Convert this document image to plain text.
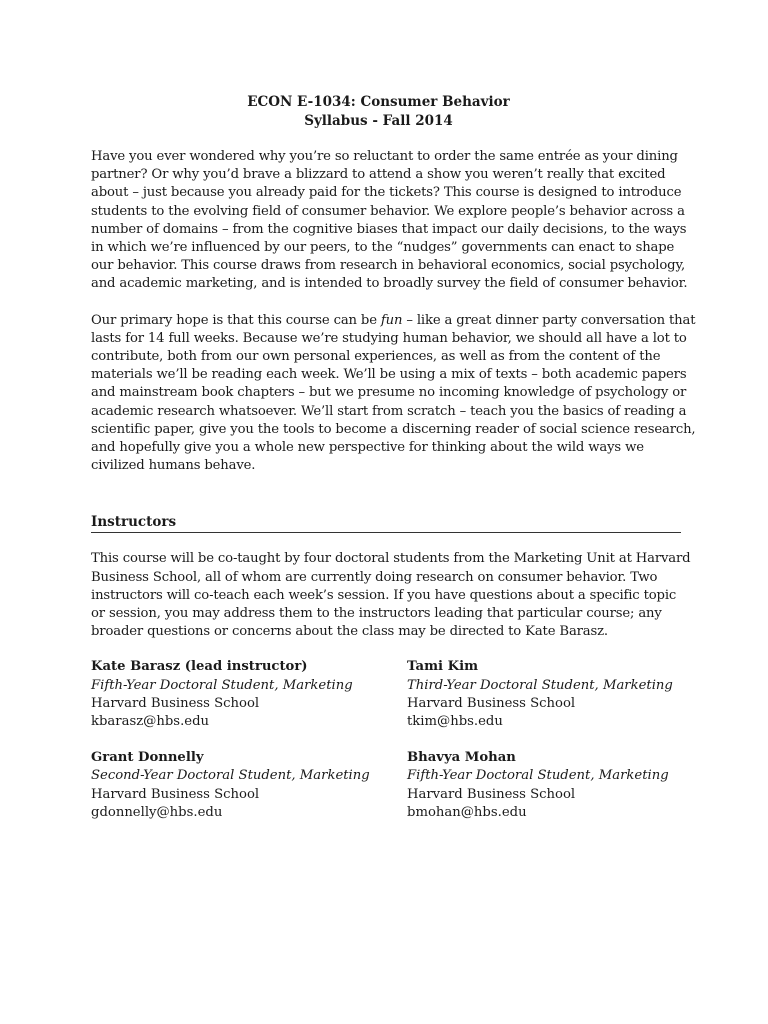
ECON E-1034: Consumer Behavior
Syllabus - Fall 2014

Have you ever wondered why you’re so reluctant to order the same entrée as your dining
partner? Or why you’d brave a blizzard to attend a show you weren’t really that excited
about – just because you already paid for the tickets? This course is designed to introduce
students to the evolving field of consumer behavior. We explore people’s behavior across a
number of domains – from the cognitive biases that impact our daily decisions, to the ways
in which we’re influenced by our peers, to the “nudges” governments can enact to shape
our behavior. This course draws from research in behavioral economics, social psychology,
and academic marketing, and is intended to broadly survey the field of consumer behavior.

Our primary hope is that this course can be fun – like a great dinner party conversation that
lasts for 14 full weeks. Because we’re studying human behavior, we should all have a lot to
contribute, both from our own personal experiences, as well as from the content of the
materials we’ll be reading each week. We’ll be using a mix of texts – both academic papers
and mainstream book chapters – but we presume no incoming knowledge of psychology or
academic research whatsoever. We’ll start from scratch – teach you the basics of reading a
scientific paper, give you the tools to become a discerning reader of social science research,
and hopefully give you a whole new perspective for thinking about the wild ways we
civilized humans behave.

Instructors

This course will be co-taught by four doctoral students from the Marketing Unit at Harvard
Business School, all of whom are currently doing research on consumer behavior. Two
instructors will co-teach each week’s session. If you have questions about a specific topic
or session, you may address them to the instructors leading that particular course; any
broader questions or concerns about the class may be directed to Kate Barasz.

Kate Barasz (lead instructor)
Fifth-Year Doctoral Student, Marketing
Harvard Business School
kbarasz@hbs.edu
Tami Kim
Third-Year Doctoral Student, Marketing
Harvard Business School
tkim@hbs.edu
Grant Donnelly
Second-Year Doctoral Student, Marketing
Harvard Business School
gdonnelly@hbs.edu
Bhavya Mohan
Fifth-Year Doctoral Student, Marketing
Harvard Business School
bmohan@hbs.edu
